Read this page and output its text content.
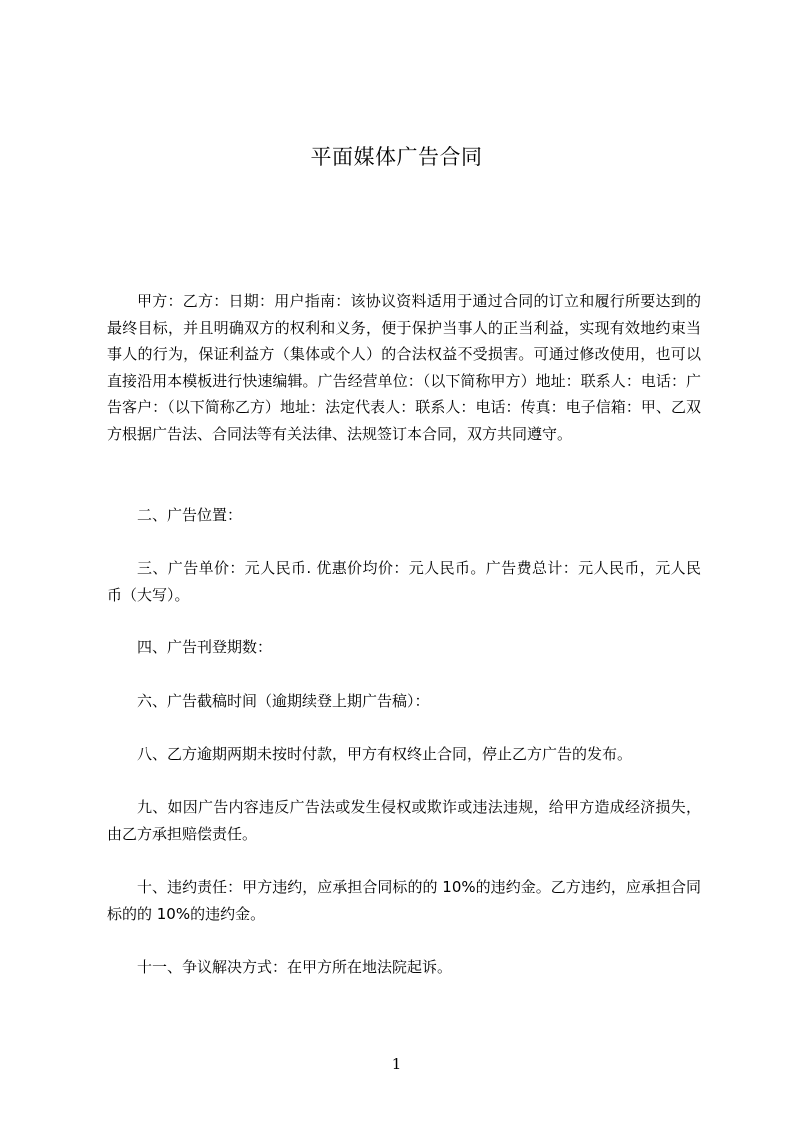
平面媒体广告合同

甲方：乙方：日期：用户指南：该协议资料适用于通过合同的订立和履行所要达到的最终目标，并且明确双方的权利和义务，便于保护当事人的正当利益，实现有效地约束当事人的行为，保证利益方（集体或个人）的合法权益不受损害。可通过修改使用，也可以直接沿用本模板进行快速编辑。广告经营单位：（以下简称甲方）地址：联系人：电话：广告客户：（以下简称乙方）地址：法定代表人：联系人：电话：传真：电子信箱：甲、乙双方根据广告法、合同法等有关法律、法规签订本合同，双方共同遵守。

二、广告位置：

三、广告单价：元人民币. 优惠价均价：元人民币。广告费总计：元人民币，元人民币（大写）。

四、广告刊登期数：

六、广告截稿时间（逾期续登上期广告稿）：

八、乙方逾期两期未按时付款，甲方有权终止合同，停止乙方广告的发布。

九、如因广告内容违反广告法或发生侵权或欺诈或违法违规，给甲方造成经济损失，由乙方承担赔偿责任。

十、违约责任：甲方违约，应承担合同标的的 10%的违约金。乙方违约，应承担合同标的的 10%的违约金。

十一、争议解决方式：在甲方所在地法院起诉。

1
